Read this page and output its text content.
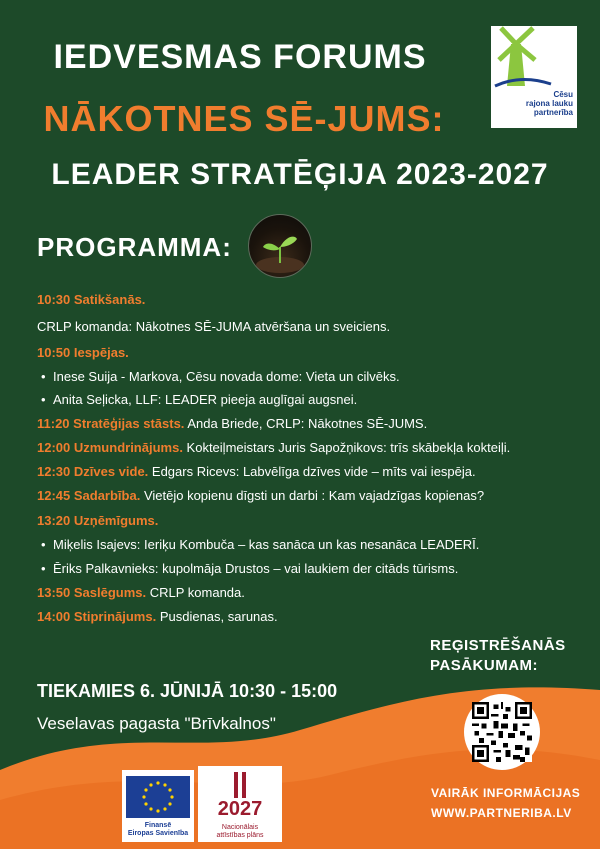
IEDVESMAS FORUMS
NĀKOTNES SĒ-JUMS:
LEADER STRATĒĢIJA 2023-2027
Cēsu
rajona lauku
partnerība
PROGRAMMA:
10:30 Satikšanās.
CRLP komanda: Nākotnes SĒ-JUMA atvēršana un sveiciens.
10:50 Iespējas.
• Inese Suija - Markova, Cēsu novada dome: Vieta un cilvēks.
• Anita Seļicka, LLF: LEADER pieeja auglīgai augsnei.
11:20 Stratēģijas stāsts. Anda Briede, CRLP: Nākotnes SĒ-JUMS.
12:00 Uzmundrinājums. Kokteiļmeistars Juris Sapožņikovs: trīs skābekļa kokteiļi.
12:30 Dzīves vide. Edgars Ricevs: Labvēlīga dzīves vide – mīts vai iespēja.
12:45 Sadarbība. Vietējo kopienu dīgsti un darbi : Kam vajadzīgas kopienas?
13:20 Uzņēmīgums.
• Miķelis Isajevs: Ieriķu Kombuča – kas sanāca un kas nesanāca LEADERĪ.
• Ēriks Palkavnieks: kupolmāja Drustos – vai laukiem der citāds tūrisms.
13:50 Saslēgums. CRLP komanda.
14:00 Stiprinājums. Pusdienas, sarunas.
TIEKAMIES 6. JŪNIJĀ 10:30 - 15:00
Veselavas pagasta "Brīvkalnos"
REĢISTRĒŠANĀS
PASĀKUMAM:
VAIRĀK INFORMĀCIJAS
WWW.PARTNERIBA.LV
Finansē
Eiropas Savienība
2027
Nacionālais
attīstības plāns
